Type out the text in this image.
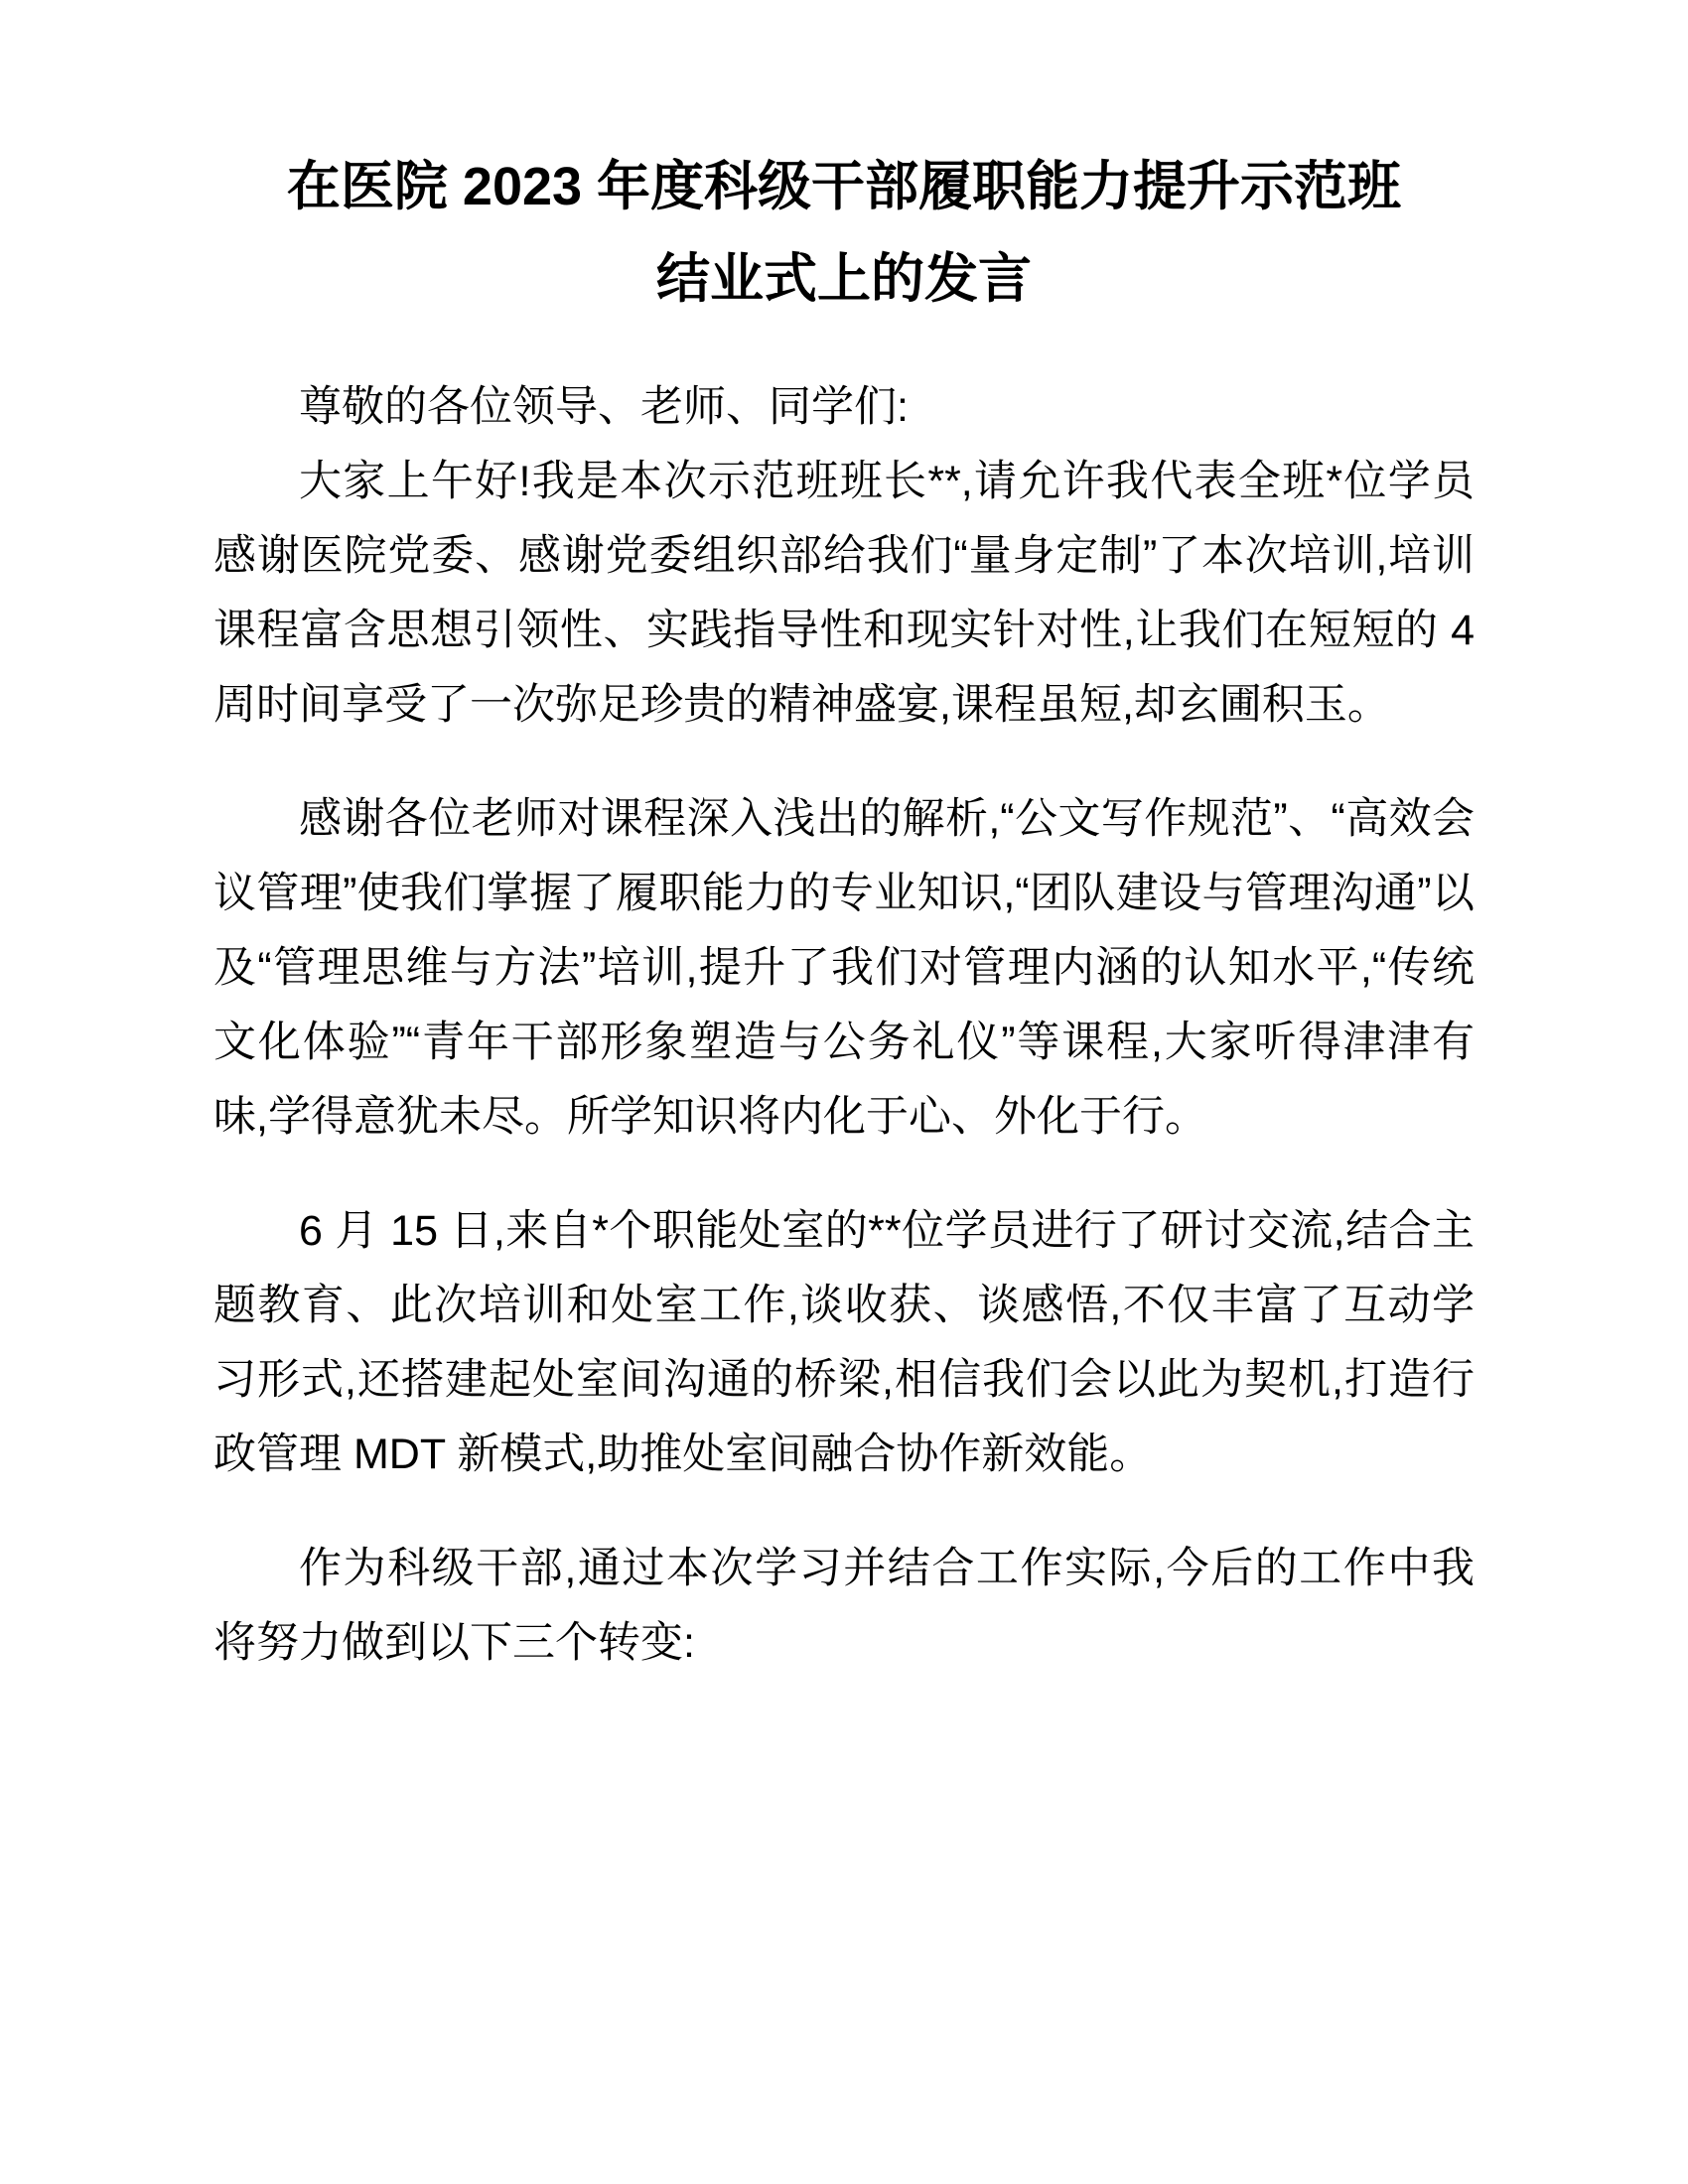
在医院 2023 年度科级干部履职能力提升示范班
结业式上的发言

尊敬的各位领导、老师、同学们:

大家上午好!我是本次示范班班长**,请允许我代表全班*位学员感谢医院党委、感谢党委组织部给我们“量身定制”了本次培训,培训课程富含思想引领性、实践指导性和现实针对性,让我们在短短的 4 周时间享受了一次弥足珍贵的精神盛宴,课程虽短,却玄圃积玉。

感谢各位老师对课程深入浅出的解析,“公文写作规范”、“高效会议管理”使我们掌握了履职能力的专业知识,“团队建设与管理沟通”以及“管理思维与方法”培训,提升了我们对管理内涵的认知水平,“传统文化体验”“青年干部形象塑造与公务礼仪”等课程,大家听得津津有味,学得意犹未尽。所学知识将内化于心、外化于行。

6 月 15 日,来自*个职能处室的**位学员进行了研讨交流,结合主题教育、此次培训和处室工作,谈收获、谈感悟,不仅丰富了互动学习形式,还搭建起处室间沟通的桥梁,相信我们会以此为契机,打造行政管理 MDT 新模式,助推处室间融合协作新效能。

作为科级干部,通过本次学习并结合工作实际,今后的工作中我将努力做到以下三个转变:
